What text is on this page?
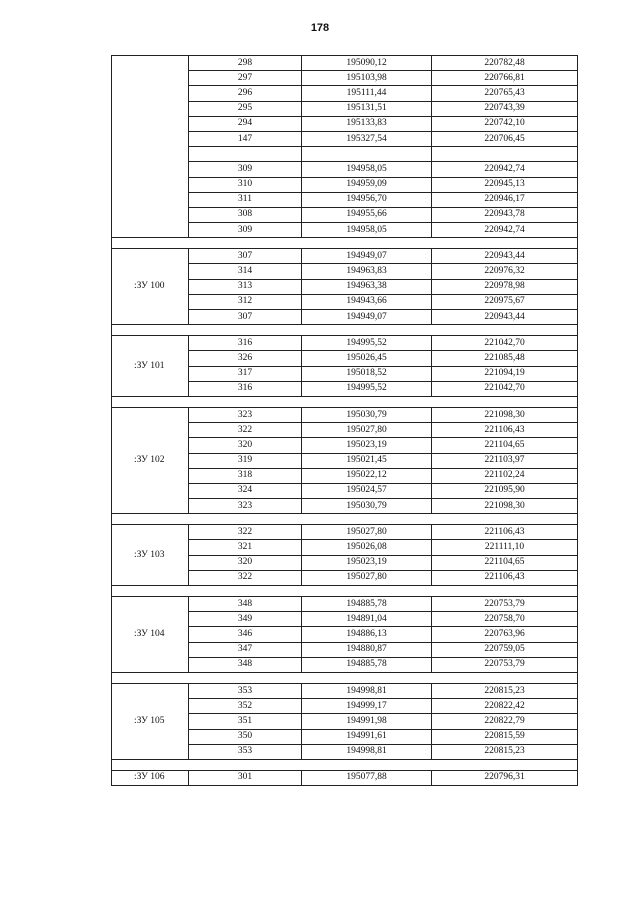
178
	298	195090,12	220782,48
	297	195103,98	220766,81
	296	195111,44	220765,43
	295	195131,51	220743,39
	294	195133,83	220742,10
	147	195327,54	220706,45

	309	194958,05	220942,74
	310	194959,09	220945,13
	311	194956,70	220946,17
	308	194955,66	220943,78
	309	194958,05	220942,74

:ЗУ 100	307	194949,07	220943,44
	314	194963,83	220976,32
	313	194963,38	220978,98
	312	194943,66	220975,67
	307	194949,07	220943,44

:ЗУ 101	316	194995,52	221042,70
	326	195026,45	221085,48
	317	195018,52	221094,19
	316	194995,52	221042,70

:ЗУ 102	323	195030,79	221098,30
	322	195027,80	221106,43
	320	195023,19	221104,65
	319	195021,45	221103,97
	318	195022,12	221102,24
	324	195024,57	221095,90
	323	195030,79	221098,30

:ЗУ 103	322	195027,80	221106,43
	321	195026,08	221111,10
	320	195023,19	221104,65
	322	195027,80	221106,43

:ЗУ 104	348	194885,78	220753,79
	349	194891,04	220758,70
	346	194886,13	220763,96
	347	194880,87	220759,05
	348	194885,78	220753,79

:ЗУ 105	353	194998,81	220815,23
	352	194999,17	220822,42
	351	194991,98	220822,79
	350	194991,61	220815,59
	353	194998,81	220815,23

:ЗУ 106	301	195077,88	220796,31
